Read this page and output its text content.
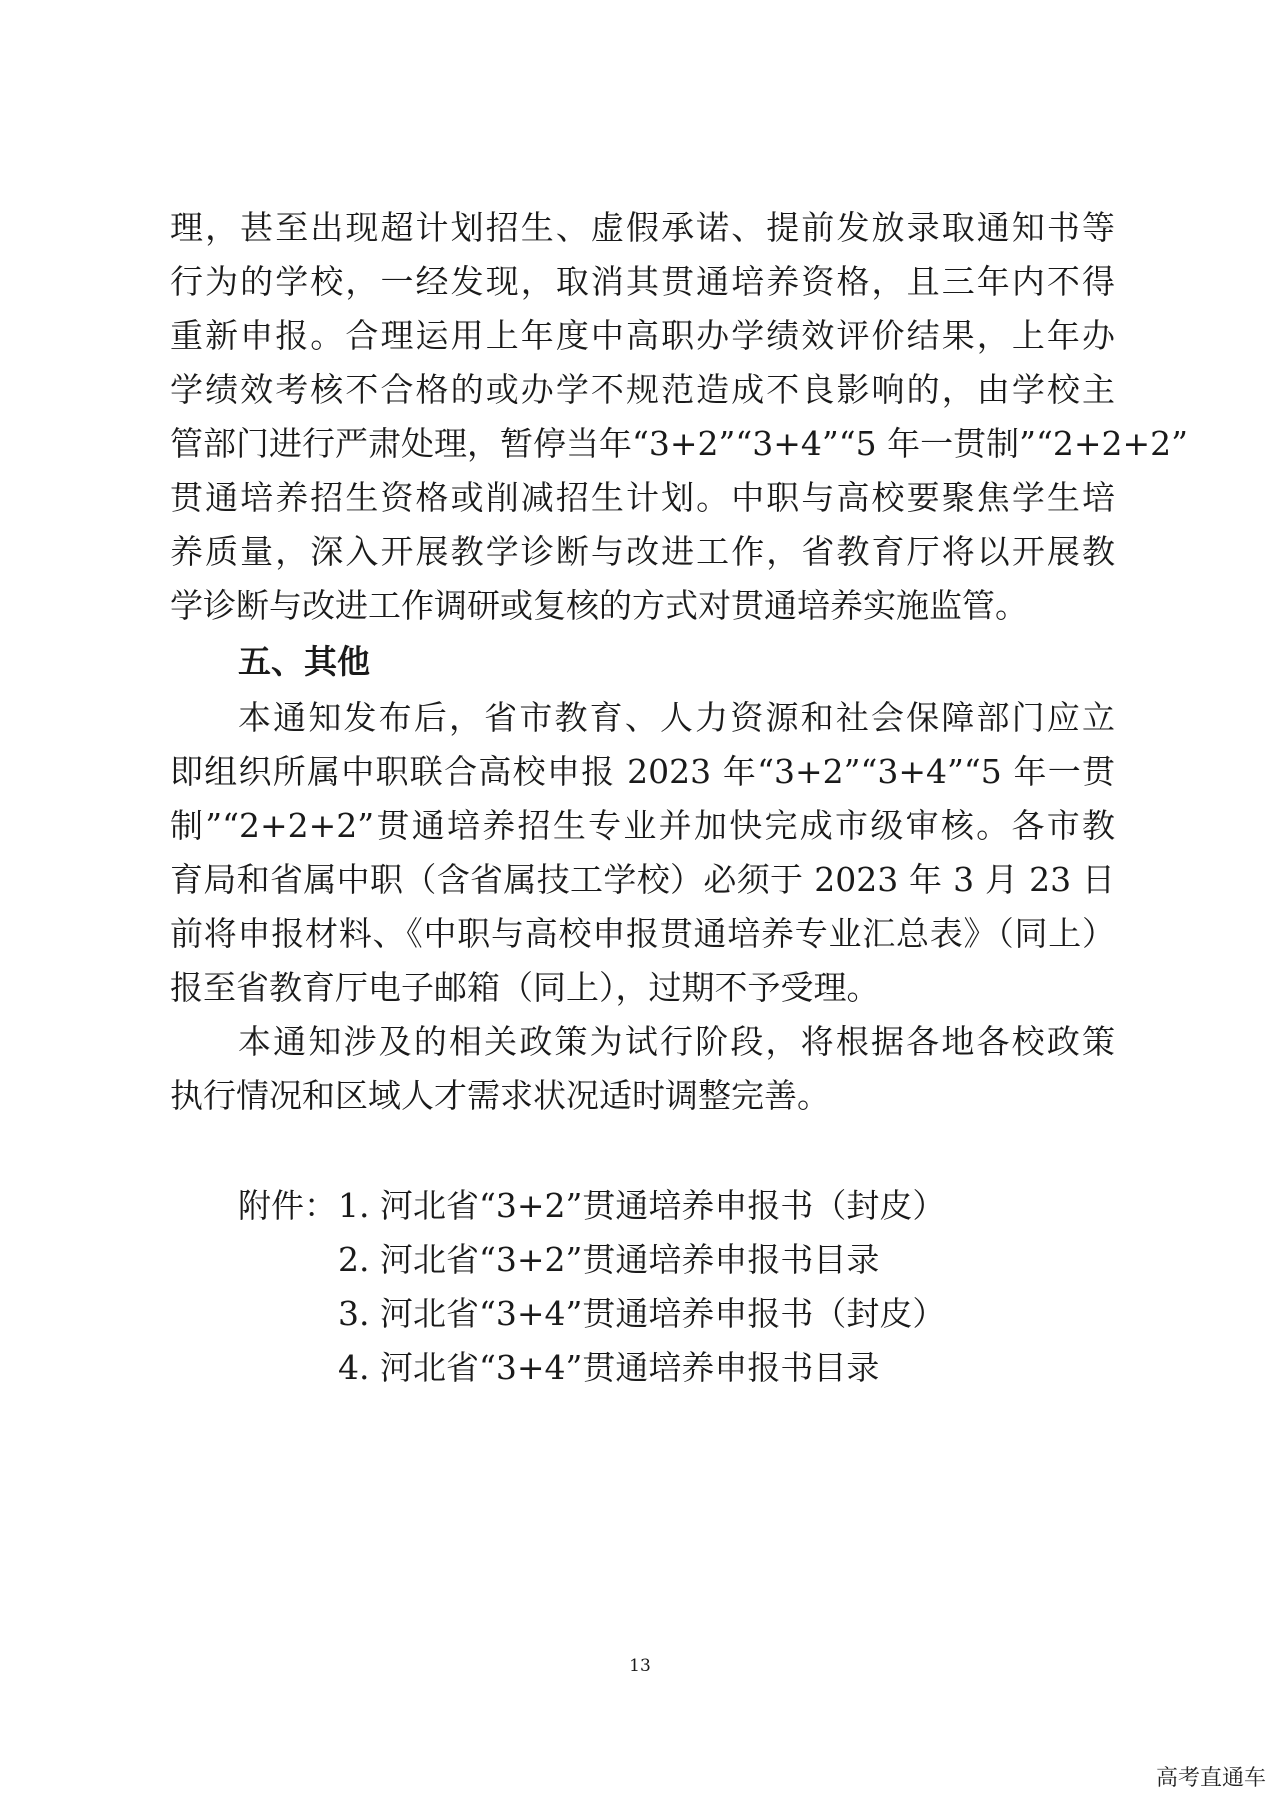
理，甚至出现超计划招生、虚假承诺、提前发放录取通知书等
行为的学校，一经发现，取消其贯通培养资格，且三年内不得
重新申报。合理运用上年度中高职办学绩效评价结果，上年办
学绩效考核不合格的或办学不规范造成不良影响的，由学校主
管部门进行严肃处理，暂停当年“3+2”“3+4”“5 年一贯制”“2+2+2”
贯通培养招生资格或削减招生计划。中职与高校要聚焦学生培
养质量，深入开展教学诊断与改进工作，省教育厅将以开展教
学诊断与改进工作调研或复核的方式对贯通培养实施监管。
五、其他
本通知发布后，省市教育、人力资源和社会保障部门应立
即组织所属中职联合高校申报 2023 年“3+2”“3+4”“5 年一贯
制”“2+2+2”贯通培养招生专业并加快完成市级审核。各市教
育局和省属中职（含省属技工学校）必须于 2023 年 3 月 23 日
前将申报材料、《中职与高校申报贯通培养专业汇总表》（同上）
报至省教育厅电子邮箱（同上），过期不予受理。
本通知涉及的相关政策为试行阶段，将根据各地各校政策
执行情况和区域人才需求状况适时调整完善。
附件： 1. 河北省“3+2”贯通培养申报书（封皮）
2. 河北省“3+2”贯通培养申报书目录
3. 河北省“3+4”贯通培养申报书（封皮）
4. 河北省“3+4”贯通培养申报书目录
13
高考直通车
